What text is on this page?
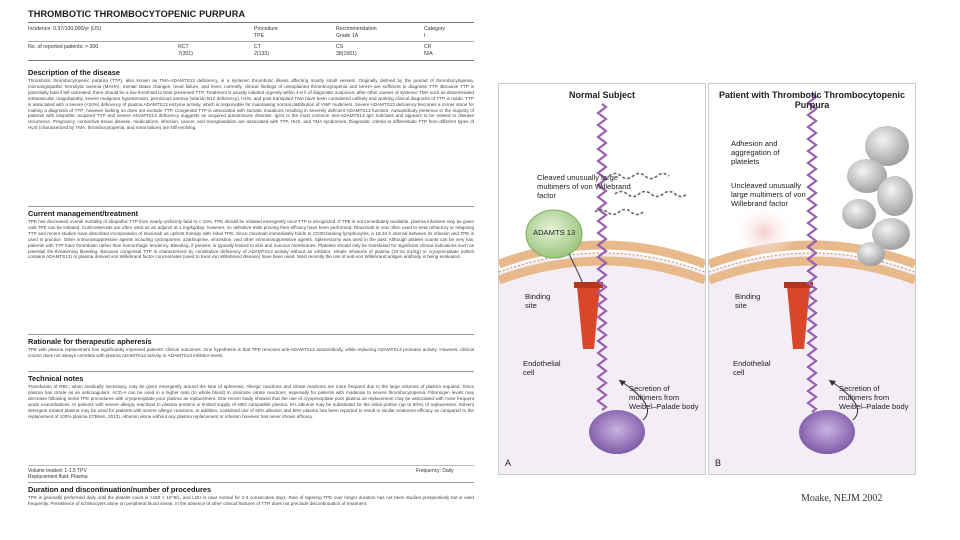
THROMBOTIC THROMBOCYTOPENIC PURPURA
Incidence: 0.37/100,000/yr (US)	Procedure
TPE
Recommendation
Grade 1A
Category
I
No. of reported patients: > 300	RCT
7(301)
CT
2(133)
CS
38(1561)
CR
N/A
Description of the disease
Thrombotic thrombocytopenic purpura (TTP), also known as TMA-ADAMTS13 deficiency, is a systemic thrombotic illness affecting mostly small vessels. Originally defined by the pentad of thrombocytopenia, microangiopathic hemolytic anemia (MAHA), mental status changes, renal failure, and fever, currently, clinical findings of unexplained thrombocytopenia and MAHA are sufficient to diagnose TTP. Because TTP is potentially fatal if left untreated, there should be a low threshold to treat presumed TTP. Treatment is usually initiated urgently within 4-8 h of diagnostic suspicion, after other causes of systemic TMA such as disseminated intravascular coagulopathy, severe malignant hypertension, pernicious anemia (vitamin B12 deficiency), HUS, and post transplant TMA have been considered unlikely and working clinical diagnosis of TTP is made. TTP is associated with a severe (<10%) deficiency of plasma ADAMTS13 enzyme activity, which is responsible for maintaining normal distribution of VWF multimers. Severe ADAMTS13 deficiency becomes a corner stone for making a diagnosis of TTP; however lacking so does not exclude TTP. Congenital TTP is associated with somatic mutations resulting in severely deficient ADAMTS13 function. Autoantibody presence in the majority of patients with idiopathic acquired TTP and severe ADAMTS13 deficiency suggests an acquired autoimmune disorder. IgG4 is the most common anti-ADAMTS13 IgG subclass and appears to be related to disease recurrence. Pregnancy, connective tissue disease, medications, infection, cancer, and transplantation are associated with TTP, HUS, and TMA syndromes. Diagnostic criteria to differentiate TTP from different types of HUS (characterized by TMA, thrombocytopenia, and renal failure) are still evolving.
Current management/treatment
TPE has decreased overall mortality of idiopathic TTP from nearly uniformly fatal to < 10%. TPE should be initiated emergently once TTP is recognized. If TPE is not immediately available, plasma infusions may be given until TPE can be initiated. Corticosteroids are often used as an adjunct at 1 mg/kg/day; however, no definitive trials proving their efficacy have been performed. Rituximab is now often used to treat refractory or relapsing TTP and recent studies have described incorporation of rituximab as upfront therapy with initial TPE. Since rituximab immediately binds to CD20-bearing lymphocytes, a 18-24 h interval between its infusion and TPE is used in practice. Other immunosuppressive agents including cyclosporine, azathioprine, vincristine, and other immunosuppressive agents. Splenectomy was used in the past. Although platelet counts can be very low, patients with TTP have thrombotic rather than hemorrhagic tendency. Bleeding, if present, is typically limited to skin and mucous membranes. Platelets should only be transfused for significant clinical indications such as potential life-threatening bleeding. Because congenital TTP is characterized by constitutive deficiency of ADAMTS13 activity without an inhibitor, simple infusions of plasma (10-15 mL/kg) or cryoprecipitate (which contains ADAMTS13) or plasma derived von Willebrand factor concentrates (used to treat von Willebrand disease) have been used. Most recently the use of anti-von Willebrand antigen antibody is being evaluated.
Rationale for therapeutic apheresis
TPE with plasma replacement has significantly improved patients' clinical outcomes. One hypothesis is that TPE removes anti-ADAMTS13 autoantibody, while replacing ADAMTS13 protease activity. However, clinical course does not always correlate with plasma ADAMTS13 activity or ADAMTS13 inhibitor levels.
Technical notes
Transfusion of RBC, when medically necessary, may be given emergently around the time of apheresis. Allergic reactions and citrate reactions are more frequent due to the large volumes of plasma required. Since plasma has citrate as an anticoagulant, ACD-A can be used in a higher ratio (to whole blood) to minimize citrate reactions, especially for patients with moderate to severe thrombocytopenia. Fibrinogen levels may decrease following serial TPE procedures with cryoprecipitate poor plasma as replacement. One recent study showed that the use of cryoprecipitate poor plasma as replacement may be associated with more frequent acute exacerbations. In patients with severe allergic reactions to plasma proteins or limited supply of ABO compatible plasma, 5% albumin may be substituted for the initial portion (up to 50%) of replacement. Solvent detergent treated plasma may be used for patients with severe allergic reactions. In addition, combined use of 50% albumin and 50% plasma has been reported to result in similar treatment efficacy as compared to the replacement of 100% plasma (O'Brien, 2013). Albumin alone without any plasma replacement or infusion however has never shown efficacy.
Volume treated: 1-1.5 TPV
Replacement fluid: Plasma
Frequency: Daily
Duration and discontinuation/number of procedures
TPE is generally performed daily until the platelet count is >150 × 10^9/L, and LDH is near normal for 2-3 consecutive days. Role of tapering TPE over longer duration has not been studied prospectively but is used frequently. Persistence of schistocytes alone on peripheral blood smear, in the absence of other clinical features of TTP, does not preclude discontinuation of treatment.
Normal Subject
Cleaved unusually large multimers of von Willebrand factor
ADAMTS 13
Binding site
Endothelial cell
Secretion of multimers from Weibel–Palade body
A
Patient with Thrombotic Thrombocytopenic Purpura
Adhesion and aggregation of platelets
Uncleaved unusually large multimers of von Willebrand factor
Binding site
Endothelial cell
Secretion of multimers from Weibel–Palade body
B
Moake, NEJM 2002
